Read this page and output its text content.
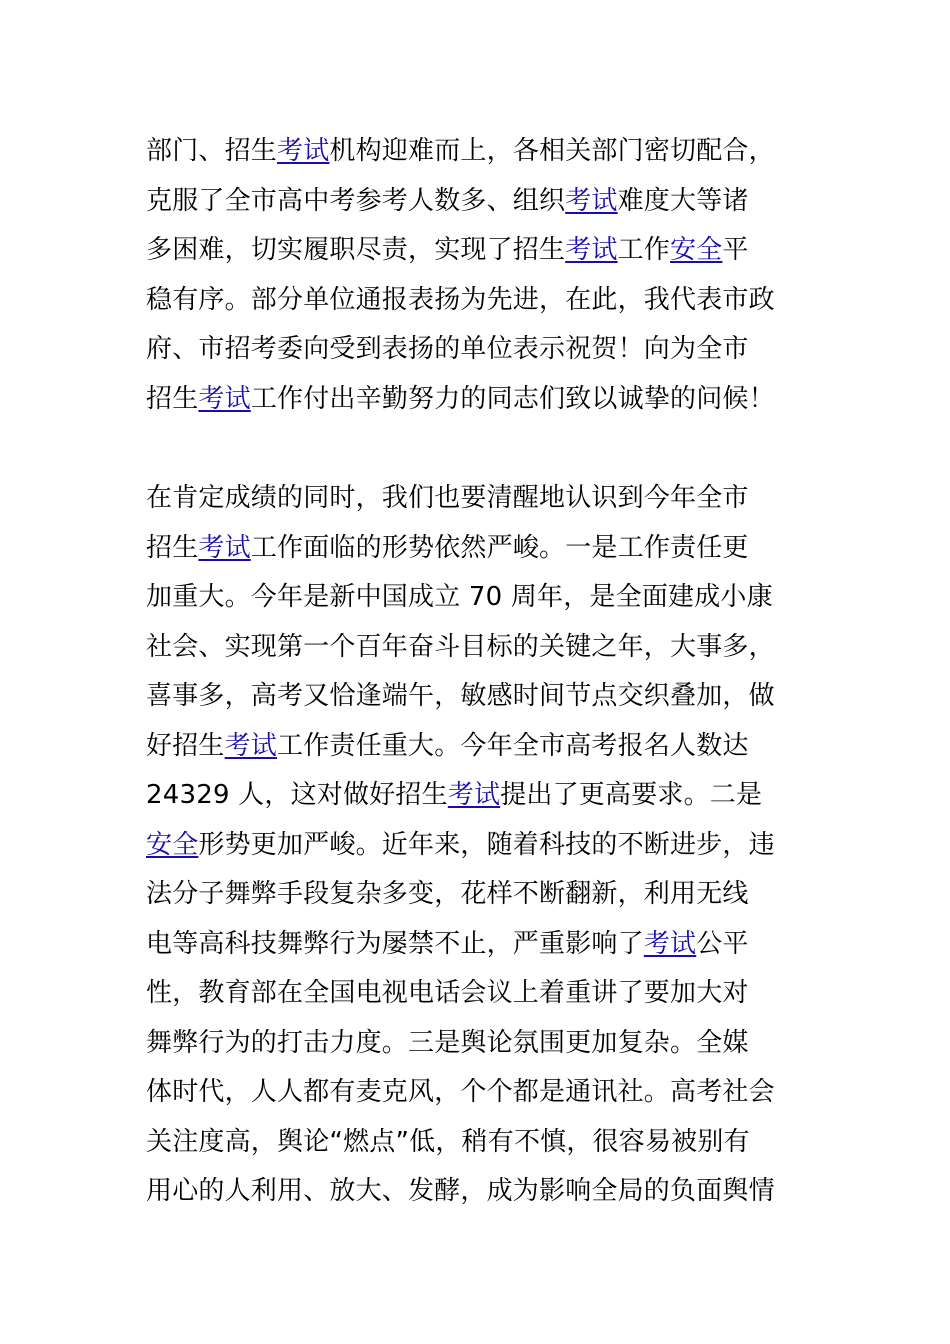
部门、招生考试机构迎难而上，各相关部门密切配合，
克服了全市高中考参考人数多、组织考试难度大等诸
多困难，切实履职尽责，实现了招生考试工作安全平
稳有序。部分单位通报表扬为先进，在此，我代表市政
府、市招考委向受到表扬的单位表示祝贺！向为全市
招生考试工作付出辛勤努力的同志们致以诚挚的问候！
在肯定成绩的同时，我们也要清醒地认识到今年全市
招生考试工作面临的形势依然严峻。一是工作责任更
加重大。今年是新中国成立 70 周年，是全面建成小康
社会、实现第一个百年奋斗目标的关键之年，大事多，
喜事多，高考又恰逢端午，敏感时间节点交织叠加，做
好招生考试工作责任重大。今年全市高考报名人数达
24329 人，这对做好招生考试提出了更高要求。二是
安全形势更加严峻。近年来，随着科技的不断进步，违
法分子舞弊手段复杂多变，花样不断翻新，利用无线
电等高科技舞弊行为屡禁不止，严重影响了考试公平
性，教育部在全国电视电话会议上着重讲了要加大对
舞弊行为的打击力度。三是舆论氛围更加复杂。全媒
体时代，人人都有麦克风，个个都是通讯社。高考社会
关注度高，舆论“燃点”低，稍有不慎，很容易被别有
用心的人利用、放大、发酵，成为影响全局的负面舆情
